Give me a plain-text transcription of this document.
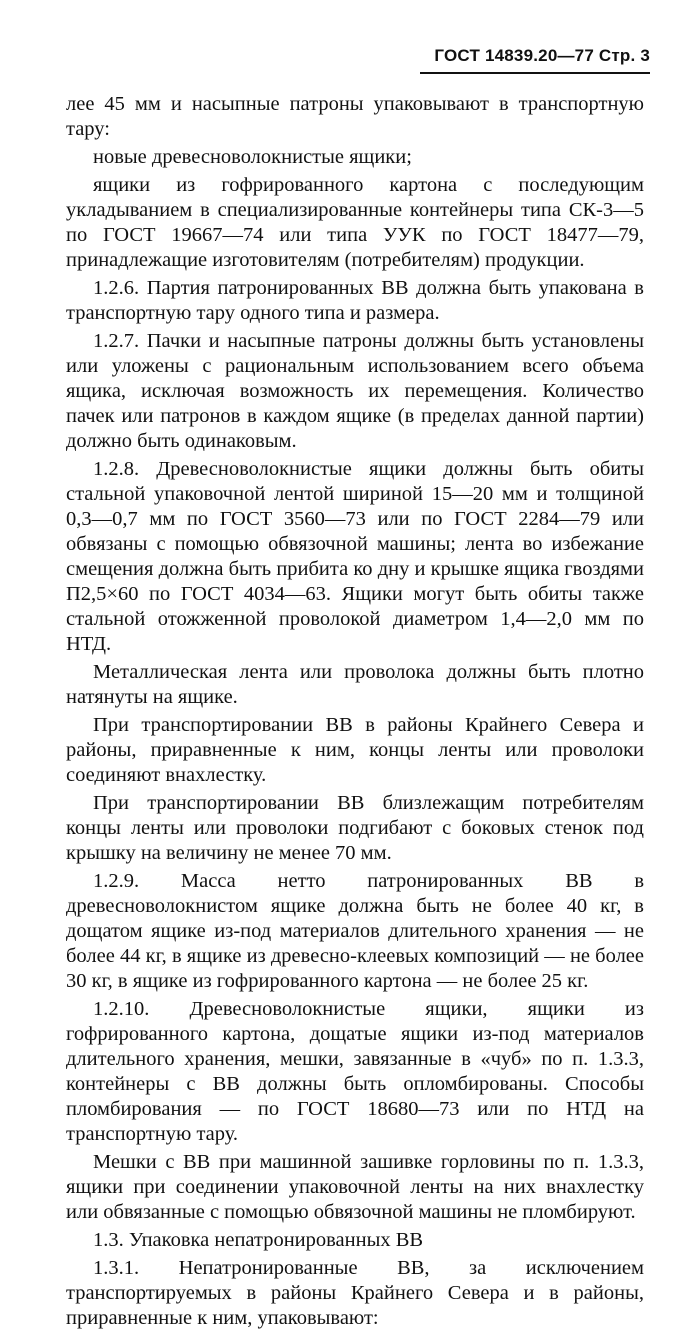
ГОСТ 14839.20—77 Стр. 3

лее 45 мм и насыпные патроны упаковывают в транспортную тару:

новые древесноволокнистые ящики;

ящики из гофрированного картона с последующим укладыванием в специализированные контейнеры типа СК-3—5 по ГОСТ 19667—74 или типа УУК по ГОСТ 18477—79, принадлежащие изготовителям (потребителям) продукции.

1.2.6. Партия патронированных ВВ должна быть упакована в транспортную тару одного типа и размера.

1.2.7. Пачки и насыпные патроны должны быть установлены или уложены с рациональным использованием всего объема ящика, исключая возможность их перемещения. Количество пачек или патронов в каждом ящике (в пределах данной партии) должно быть одинаковым.

1.2.8. Древесноволокнистые ящики должны быть обиты стальной упаковочной лентой шириной 15—20 мм и толщиной 0,3—0,7 мм по ГОСТ 3560—73 или по ГОСТ 2284—79 или обвязаны с помощью обвязочной машины; лента во избежание смещения должна быть прибита ко дну и крышке ящика гвоздями П2,5×60 по ГОСТ 4034—63. Ящики могут быть обиты также стальной отожженной проволокой диаметром 1,4—2,0 мм по НТД.

Металлическая лента или проволока должны быть плотно натянуты на ящике.

При транспортировании ВВ в районы Крайнего Севера и районы, приравненные к ним, концы ленты или проволоки соединяют внахлестку.

При транспортировании ВВ близлежащим потребителям концы ленты или проволоки подгибают с боковых стенок под крышку на величину не менее 70 мм.

1.2.9. Масса нетто патронированных ВВ в древесноволокнистом ящике должна быть не более 40 кг, в дощатом ящике из-под материалов длительного хранения — не более 44 кг, в ящике из древесно-клеевых композиций — не более 30 кг, в ящике из гофрированного картона — не более 25 кг.

1.2.10. Древесноволокнистые ящики, ящики из гофрированного картона, дощатые ящики из-под материалов длительного хранения, мешки, завязанные в «чуб» по п. 1.3.3, контейнеры с ВВ должны быть опломбированы. Способы пломбирования — по ГОСТ 18680—73 или по НТД на транспортную тару.

Мешки с ВВ при машинной зашивке горловины по п. 1.3.3, ящики при соединении упаковочной ленты на них внахлестку или обвязанные с помощью обвязочной машины не пломбируют.

1.3. Упаковка непатронированных ВВ

1.3.1. Непатронированные ВВ, за исключением транспортируемых в районы Крайнего Севера и в районы, приравненные к ним, упаковывают:
